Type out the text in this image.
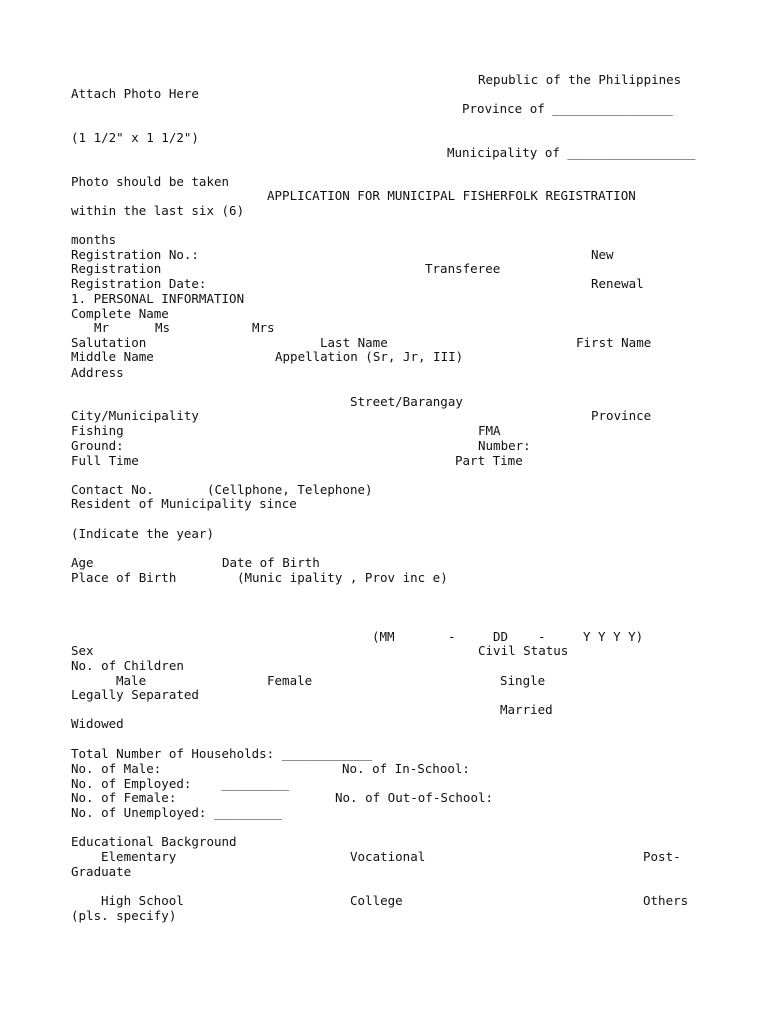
Republic of the Philippines
Attach Photo Here
Province of ________________
(1 1/2" x 1 1/2")
Municipality of _________________
Photo should be taken
APPLICATION FOR MUNICIPAL FISHERFOLK REGISTRATION
within the last six (6)
months
Registration No.:	New
Registration	Transferee
Registration Date:	Renewal
1. PERSONAL INFORMATION
Complete Name
Mr	Ms	Mrs
Salutation	Last Name	First Name
Middle Name	Appellation (Sr, Jr, III)
Address
Street/Barangay
City/Municipality	Province
Fishing	FMA
Ground:	Number:
Full Time	Part Time
Contact No.	(Cellphone, Telephone)
Resident of Municipality since
(Indicate the year)
Age	Date of Birth
Place of Birth	(Munic ipality , Prov inc e)
(MM	-	DD -	Y Y Y Y)
Sex	Civil Status
No. of Children
Male	Female	Single
Legally Separated
Married
Widowed
Total Number of Households: ____________
No. of Male:	No. of In-School:
No. of Employed:    _________
No. of Female:	No. of Out-of-School:
No. of Unemployed: _________
Educational Background
Elementary	Vocational	Post-
Graduate
High School	College	Others
(pls. specify)
